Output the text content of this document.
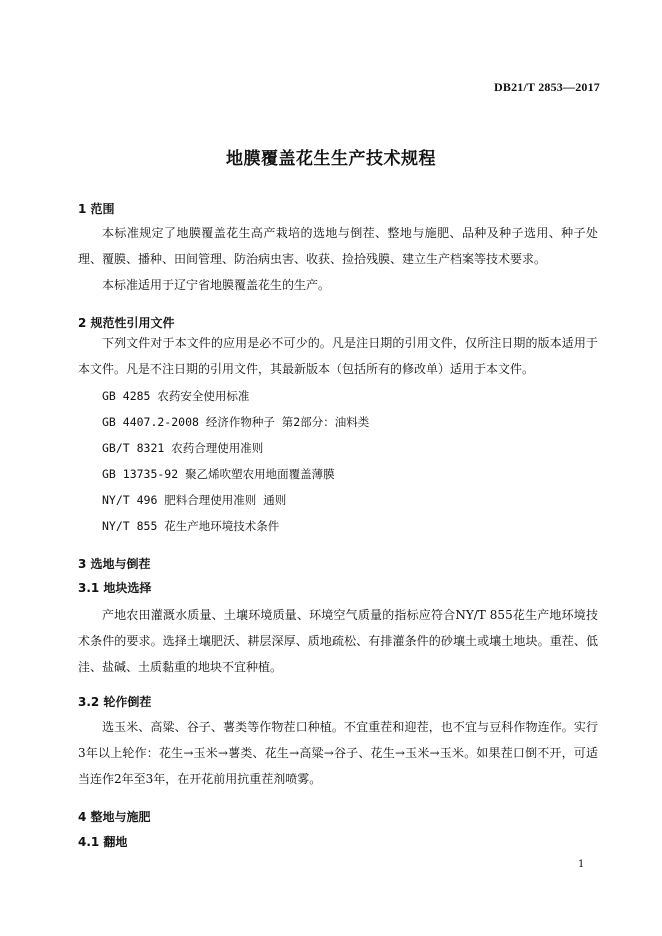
DB21/T 2853—2017
地膜覆盖花生生产技术规程
1 范围
本标准规定了地膜覆盖花生高产栽培的选地与倒茬、整地与施肥、品种及种子选用、种子处理、覆膜、播种、田间管理、防治病虫害、收获、捡拾残膜、建立生产档案等技术要求。
本标准适用于辽宁省地膜覆盖花生的生产。
2 规范性引用文件
下列文件对于本文件的应用是必不可少的。凡是注日期的引用文件，仅所注日期的版本适用于本文件。凡是不注日期的引用文件，其最新版本（包括所有的修改单）适用于本文件。
GB 4285 农药安全使用标准
GB 4407.2-2008 经济作物种子 第2部分：油料类
GB/T 8321 农药合理使用准则
GB 13735-92 聚乙烯吹塑农用地面覆盖薄膜
NY/T 496 肥料合理使用准则 通则
NY/T 855 花生产地环境技术条件
3 选地与倒茬
3.1 地块选择
产地农田灌溉水质量、土壤环境质量、环境空气质量的指标应符合NY/T 855花生产地环境技术条件的要求。选择土壤肥沃、耕层深厚、质地疏松、有排灌条件的砂壤土或壤土地块。重茬、低洼、盐碱、土质黏重的地块不宜种植。
3.2 轮作倒茬
选玉米、高粱、谷子、薯类等作物茬口种植。不宜重茬和迎茬，也不宜与豆科作物连作。实行3年以上轮作：花生→玉米→薯类、花生→高粱→谷子、花生→玉米→玉米。如果茬口倒不开，可适当连作2年至3年，在开花前用抗重茬剂喷雾。
4 整地与施肥
4.1 翻地
1
